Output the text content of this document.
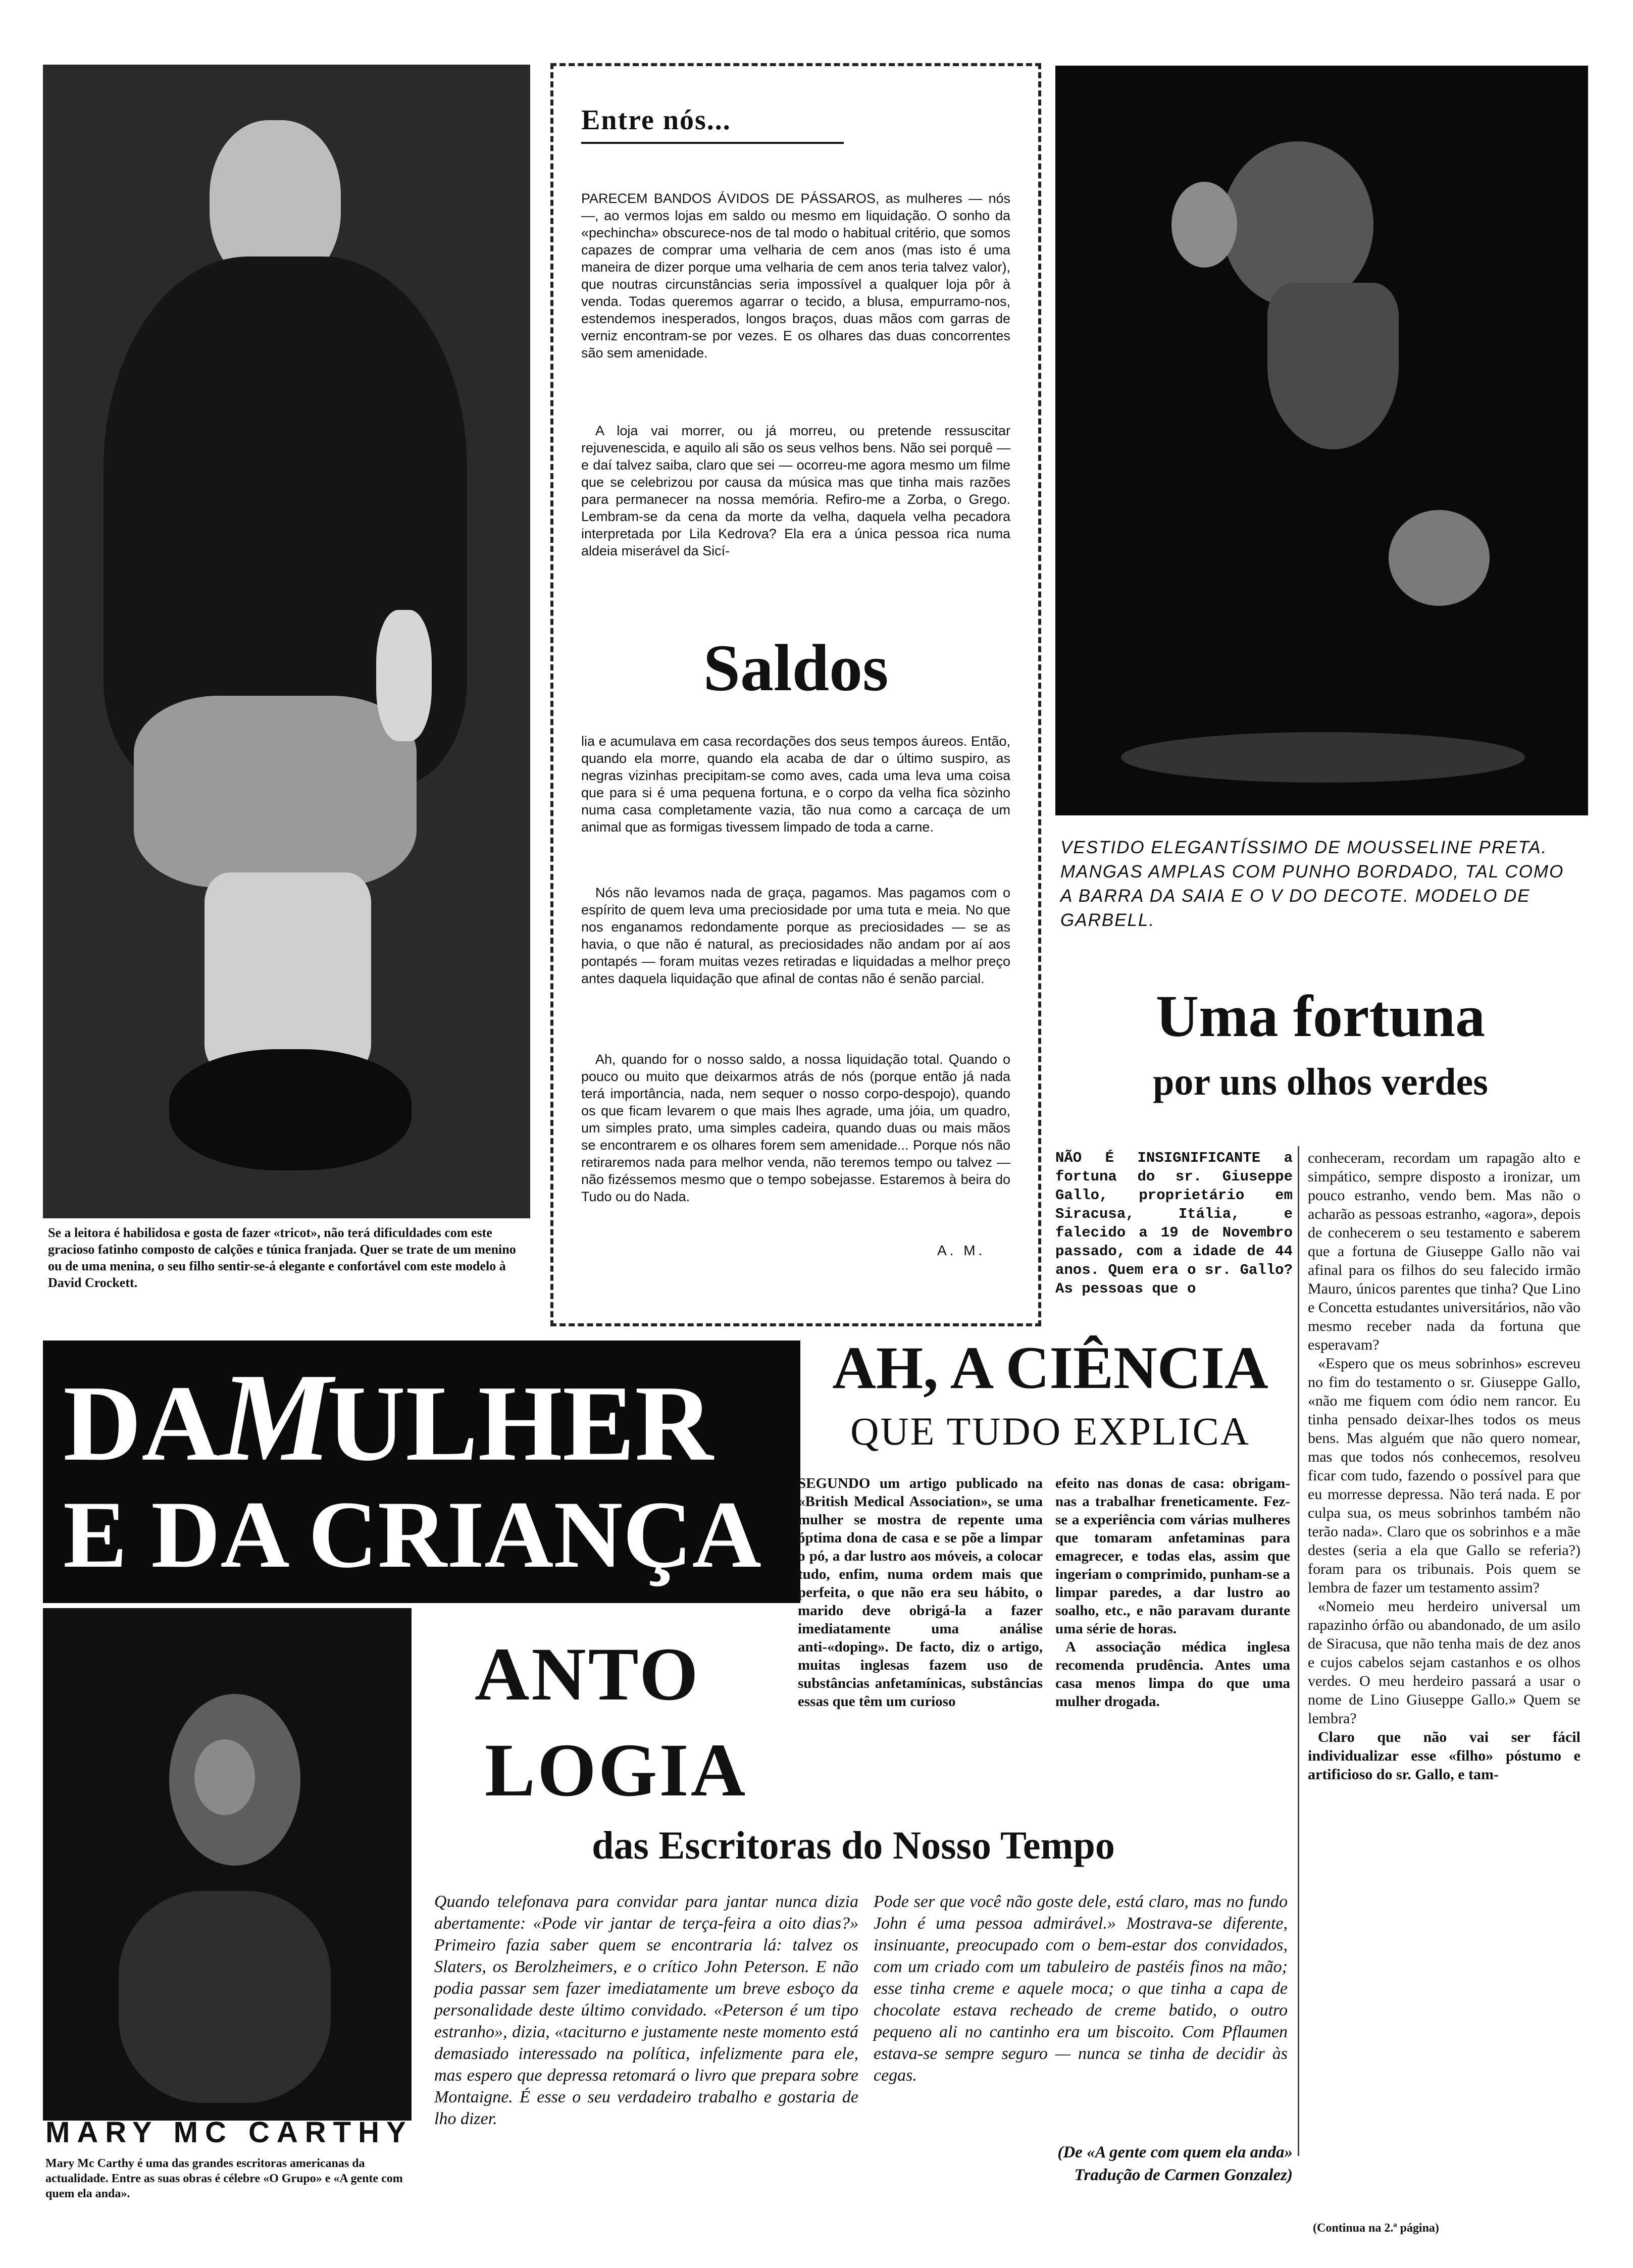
Se a leitora é habilidosa e gosta de fazer «tricot», não terá dificuldades com este gracioso fatinho composto de calções e túnica franjada. Quer se trate de um menino ou de uma menina, o seu filho sentir-se-á elegante e confortável com este modelo à David Crockett.

Entre nós...

PARECEM BANDOS ÁVIDOS DE PÁSSAROS, as mulheres — nós —, ao vermos lojas em saldo ou mesmo em liquidação. O sonho da «pechincha» obscurece-nos de tal modo o habitual critério, que somos capazes de comprar uma velharia de cem anos (mas isto é uma maneira de dizer porque uma velharia de cem anos teria talvez valor), que noutras circunstâncias seria impossível a qualquer loja pôr à venda. Todas queremos agarrar o tecido, a blusa, empurramo-nos, estendemos inesperados, longos braços, duas mãos com garras de verniz encontram-se por vezes. E os olhares das duas concorrentes são sem amenidade.

A loja vai morrer, ou já morreu, ou pretende ressuscitar rejuvenescida, e aquilo ali são os seus velhos bens. Não sei porquê — e daí talvez saiba, claro que sei — ocorreu-me agora mesmo um filme que se celebrizou por causa da música mas que tinha mais razões para permanecer na nossa memória. Refiro-me a Zorba, o Grego. Lembram-se da cena da morte da velha, daquela velha pecadora interpretada por Lila Kedrova? Ela era a única pessoa rica numa aldeia miserável da Sicí-

Saldos

lia e acumulava em casa recordações dos seus tempos áureos. Então, quando ela morre, quando ela acaba de dar o último suspiro, as negras vizinhas precipitam-se como aves, cada uma leva uma coisa que para si é uma pequena fortuna, e o corpo da velha fica sòzinho numa casa completamente vazia, tão nua como a carcaça de um animal que as formigas tivessem limpado de toda a carne.

Nós não levamos nada de graça, pagamos. Mas pagamos com o espírito de quem leva uma preciosidade por uma tuta e meia. No que nos enganamos redondamente porque as preciosidades — se as havia, o que não é natural, as preciosidades não andam por aí aos pontapés — foram muitas vezes retiradas e liquidadas a melhor preço antes daquela liquidação que afinal de contas não é senão parcial.

Ah, quando for o nosso saldo, a nossa liquidação total. Quando o pouco ou muito que deixarmos atrás de nós (porque então já nada terá importância, nada, nem sequer o nosso corpo-despojo), quando os que ficam levarem o que mais lhes agrade, uma jóia, um quadro, um simples prato, uma simples cadeira, quando duas ou mais mãos se encontrarem e os olhares forem sem amenidade... Porque nós não retiraremos nada para melhor venda, não teremos tempo ou talvez — não fizéssemos mesmo que o tempo sobejasse. Estaremos à beira do Tudo ou do Nada.

A. M.

VESTIDO ELEGANTÍSSIMO DE MOUSSELINE PRETA. MANGAS AMPLAS COM PUNHO BORDADO, TAL COMO A BARRA DA SAIA E O V DO DECOTE. MODELO DE GARBELL.

Uma fortuna
por uns olhos verdes

NÃO É INSIGNIFICANTE a fortuna do sr. Giuseppe Gallo, proprietário em Siracusa, Itália, e falecido a 19 de Novembro passado, com a idade de 44 anos. Quem era o sr. Gallo? As pessoas que o

conheceram, recordam um rapagão alto e simpático, sempre disposto a ironizar, um pouco estranho, vendo bem. Mas não o acharão as pessoas estranho, «agora», depois de conhecerem o seu testamento e saberem que a fortuna de Giuseppe Gallo não vai afinal para os filhos do seu falecido irmão Mauro, únicos parentes que tinha? Que Lino e Concetta estudantes universitários, não vão mesmo receber nada da fortuna que esperavam?

«Espero que os meus sobrinhos» escreveu no fim do testamento o sr. Giuseppe Gallo, «não me fiquem com ódio nem rancor. Eu tinha pensado deixar-lhes todos os meus bens. Mas alguém que não quero nomear, mas que todos nós conhecemos, resolveu ficar com tudo, fazendo o possível para que eu morresse depressa. Não terá nada. E por culpa sua, os meus sobrinhos também não terão nada». Claro que os sobrinhos e a mãe destes (seria a ela que Gallo se referia?) foram para os tribunais. Pois quem se lembra de fazer um testamento assim?

«Nomeio meu herdeiro universal um rapazinho órfão ou abandonado, de um asilo de Siracusa, que não tenha mais de dez anos e cujos cabelos sejam castanhos e os olhos verdes. O meu herdeiro passará a usar o nome de Lino Giuseppe Gallo.» Quem se lembra?

Claro que não vai ser fácil individualizar esse «filho» póstumo e artificioso do sr. Gallo, e tam-

(Continua na 2.ª página)
DAMULHER
E DA CRIANÇA
AH, A CIÊNCIA
QUE TUDO EXPLICA

SEGUNDO um artigo publicado na «British Medical Association», se uma mulher se mostra de repente uma óptima dona de casa e se põe a limpar o pó, a dar lustro aos móveis, a colocar tudo, enfim, numa ordem mais que perfeita, o que não era seu hábito, o marido deve obrigá-la a fazer imediatamente uma análise anti-«doping». De facto, diz o artigo, muitas inglesas fazem uso de substâncias anfetamínicas, substâncias essas que têm um curioso

efeito nas donas de casa: obrigam-nas a trabalhar freneticamente. Fez-se a experiência com várias mulheres que tomaram anfetaminas para emagrecer, e todas elas, assim que ingeriam o comprimido, punham-se a limpar paredes, a dar lustro ao soalho, etc., e não paravam durante uma série de horas.

A associação médica inglesa recomenda prudência. Antes uma casa menos limpa do que uma mulher drogada.

MARY MC CARTHY

Mary Mc Carthy é uma das grandes escritoras americanas da actualidade. Entre as suas obras é célebre «O Grupo» e «A gente com quem ela anda».

ANTO
LOGIA
das Escritoras do Nosso Tempo

Quando telefonava para convidar para jantar nunca dizia abertamente: «Pode vir jantar de terça-feira a oito dias?» Primeiro fazia saber quem se encontraria lá: talvez os Slaters, os Berolzheimers, e o crítico John Peterson. E não podia passar sem fazer imediatamente um breve esboço da personalidade deste último convidado. «Peterson é um tipo estranho», dizia, «taciturno e justamente neste momento está demasiado interessado na política, infelizmente para ele, mas espero que depressa retomará o livro que prepara sobre Montaigne. É esse o seu verdadeiro trabalho e gostaria de lho dizer.

Pode ser que você não goste dele, está claro, mas no fundo John é uma pessoa admirável.» Mostrava-se diferente, insinuante, preocupado com o bem-estar dos convidados, com um criado com um tabuleiro de pastéis finos na mão; esse tinha creme e aquele moca; o que tinha a capa de chocolate estava recheado de creme batido, o outro pequeno ali no cantinho era um biscoito. Com Pflaumen estava-se sempre seguro — nunca se tinha de decidir às cegas.

(De «A gente com quem ela anda»
Tradução de Carmen Gonzalez)
